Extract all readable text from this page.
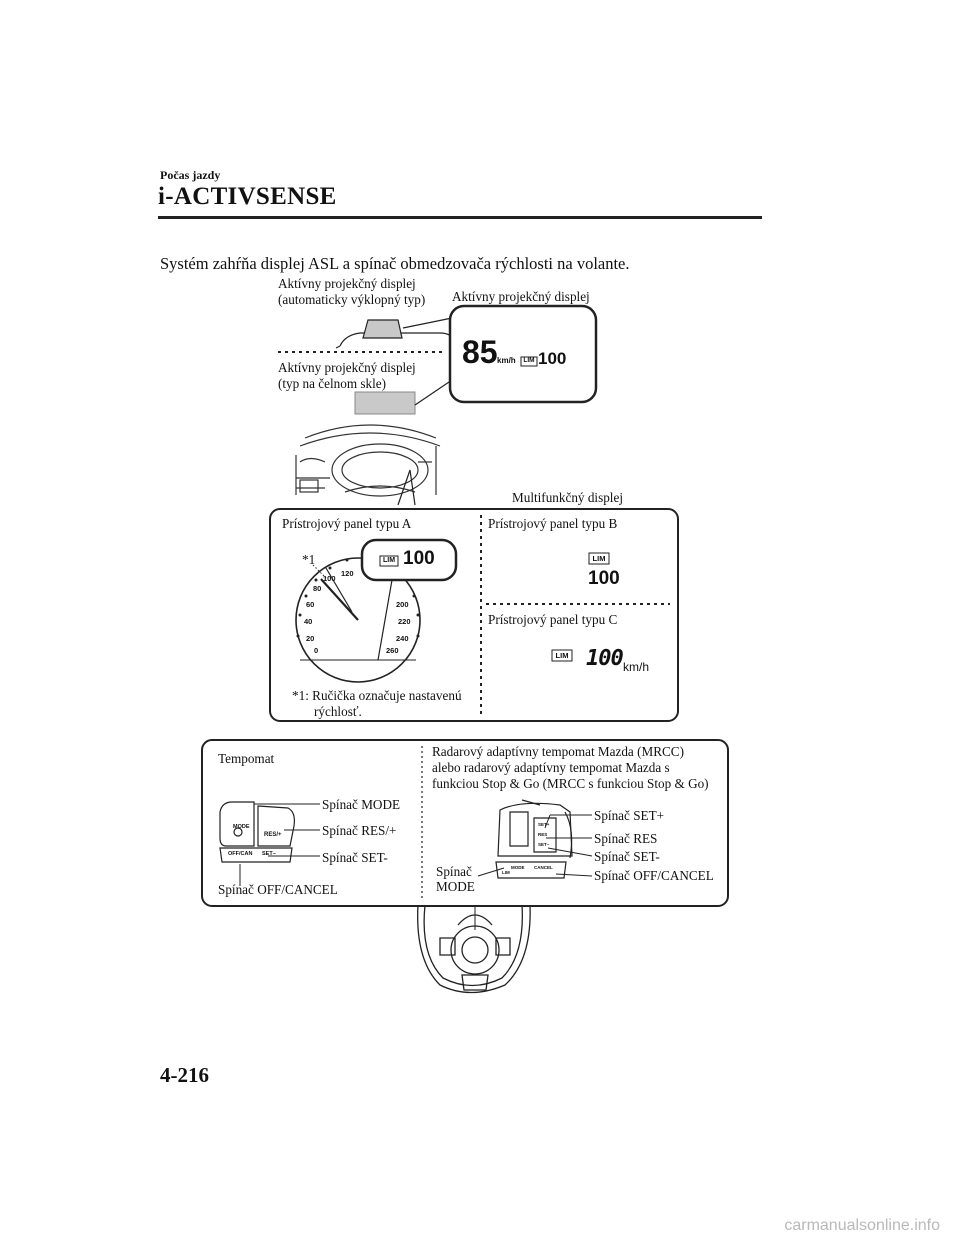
Počas jazdy
i-ACTIVSENSE
Systém zahŕňa displej ASL a spínač obmedzovača rýchlosti na volante.
0
20
40
60
80
100
120
200
220
240
260
Aktívny projekčný displej
(automaticky výklopný typ) Aktívny projekčný displej
Aktívny projekčný displej
(typ na čelnom skle)
85 km/h LIM 100
Multifunkčný displej
Prístrojový panel typu A	Prístrojový panel typu B
Prístrojový panel typu C
*1
*1: Ručička označuje nastavenú
rýchlosť.
LIM 100	LIM
100
LIM 100 km/h
Tempomat	Radarový adaptívny tempomat Mazda (MRCC)
alebo radarový adaptívny tempomat Mazda s
funkciou Stop & Go (MRCC s funkciou Stop & Go)
Spínač MODE
Spínač RES/+
Spínač SET-
Spínač OFF/CANCEL
Spínač SET+
Spínač RES
Spínač SET-
Spínač OFF/CANCEL
Spínač
MODE
MODE
RES/+
OFF/CAN SET–
SET+
RES
SET–
MODE CANCEL
LIM
4-216
carmanualsonline.info
